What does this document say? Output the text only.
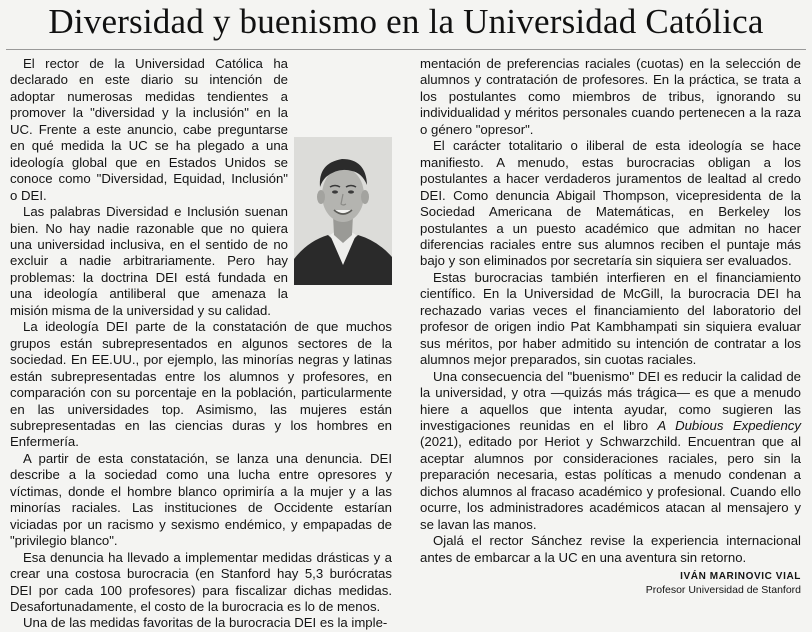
Diversidad y buenismo en la Universidad Católica

El rector de la Universidad Católica ha declarado en este diario su intención de adoptar numerosas medidas tendientes a promover la "diversidad y la inclusión" en la UC. Frente a este anuncio, cabe preguntarse en qué medida la UC se ha plegado a una ideología global que en Estados Unidos se conoce como "Diversidad, Equidad, Inclusión" o DEI.

Las palabras Diversidad e Inclusión suenan bien. No hay nadie razonable que no quiera una universidad inclusiva, en el sentido de no excluir a nadie arbitrariamente. Pero hay problemas: la doctrina DEI está fundada en una ideología antiliberal que amenaza la misión misma de la universidad y su calidad.

La ideología DEI parte de la constatación de que muchos grupos están subrepresentados en algunos sectores de la sociedad. En EE.UU., por ejemplo, las minorías negras y latinas están subrepresentadas entre los alumnos y profesores, en comparación con su porcentaje en la población, particularmente en las universidades top. Asimismo, las mujeres están subrepresentadas en las ciencias duras y los hombres en Enfermería.

A partir de esta constatación, se lanza una denuncia. DEI describe a la sociedad como una lucha entre opresores y víctimas, donde el hombre blanco oprimiría a la mujer y a las minorías raciales. Las instituciones de Occidente estarían viciadas por un racismo y sexismo endémico, y empapadas de "privilegio blanco".

Esa denuncia ha llevado a implementar medidas drásticas y a crear una costosa burocracia (en Stanford hay 5,3 burócratas DEI por cada 100 profesores) para fiscalizar dichas medidas. Desafortunadamente, el costo de la burocracia es lo de menos.

Una de las medidas favoritas de la burocracia DEI es la imple-

mentación de preferencias raciales (cuotas) en la selección de alumnos y contratación de profesores. En la práctica, se trata a los postulantes como miembros de tribus, ignorando su individualidad y méritos personales cuando pertenecen a la raza o género "opresor".

El carácter totalitario o iliberal de esta ideología se hace manifiesto. A menudo, estas burocracias obligan a los postulantes a hacer verdaderos juramentos de lealtad al credo DEI. Como denuncia Abigail Thompson, vicepresidenta de la Sociedad Americana de Matemáticas, en Berkeley los postulantes a un puesto académico que admitan no hacer diferencias raciales entre sus alumnos reciben el puntaje más bajo y son eliminados por secretaría sin siquiera ser evaluados.

Estas burocracias también interfieren en el financiamiento científico. En la Universidad de McGill, la burocracia DEI ha rechazado varias veces el financiamiento del laboratorio del profesor de origen indio Pat Kambhampati sin siquiera evaluar sus méritos, por haber admitido su intención de contratar a los alumnos mejor preparados, sin cuotas raciales.

Una consecuencia del "buenismo" DEI es reducir la calidad de la universidad, y otra —quizás más trágica— es que a menudo hiere a aquellos que intenta ayudar, como sugieren las investigaciones reunidas en el libro A Dubious Expediency (2021), editado por Heriot y Schwarzchild. Encuentran que al aceptar alumnos por consideraciones raciales, pero sin la preparación necesaria, estas políticas a menudo condenan a dichos alumnos al fracaso académico y profesional. Cuando ello ocurre, los administradores académicos atacan al mensajero y se lavan las manos.

Ojalá el rector Sánchez revise la experiencia internacional antes de embarcar a la UC en una aventura sin retorno.

IVÁN MARINOVIC VIAL
Profesor Universidad de Stanford
